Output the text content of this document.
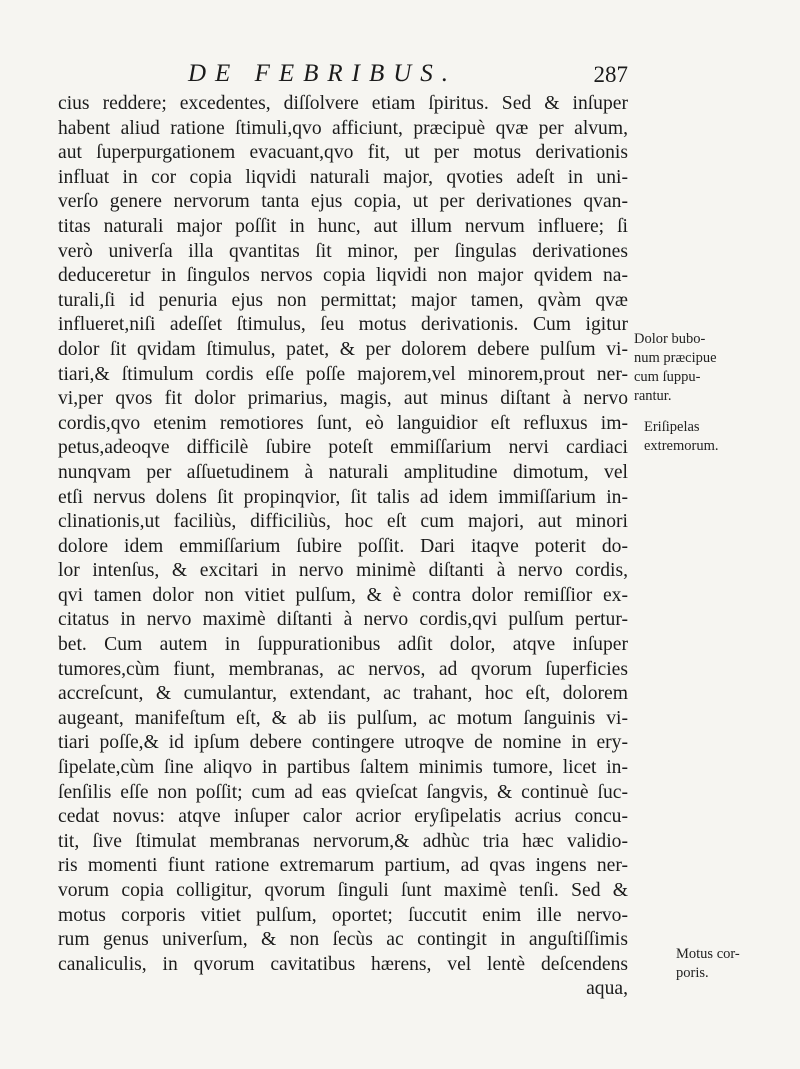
DE FEBRIBUS.	287
cius reddere; excedentes, diſſolvere etiam ſpiritus. Sed & inſuper
habent aliud ratione ſtimuli,qvo afficiunt, præcipuè qvæ per alvum,
aut ſuperpurgationem evacuant,qvo fit, ut per motus derivationis
influat in cor copia liqvidi naturali major, qvoties adeſt in uni-
verſo genere nervorum tanta ejus copia, ut per derivationes qvan-
titas naturali major poſſit in hunc, aut illum nervum influere; ſi
verò univerſa illa qvantitas ſit minor, per ſingulas derivationes
deduceretur in ſingulos nervos copia liqvidi non major qvidem na-
turali,ſi id penuria ejus non permittat; major tamen, qvàm qvæ
influeret,niſi adeſſet ſtimulus, ſeu motus derivationis. Cum igitur
dolor ſit qvidam ſtimulus, patet, & per dolorem debere pulſum vi-
tiari,& ſtimulum cordis eſſe poſſe majorem,vel minorem,prout ner-
vi,per qvos fit dolor primarius, magis, aut minus diſtant à nervo
cordis,qvo etenim remotiores ſunt, eò languidior eſt refluxus im-
petus,adeoqve difficilè ſubire poteſt emmiſſarium nervi cardiaci
nunqvam per aſſuetudinem à naturali amplitudine dimotum, vel
etſi nervus dolens ſit propinqvior, ſit talis ad idem immiſſarium in-
clinationis,ut faciliùs, difficiliùs, hoc eſt cum majori, aut minori
dolore idem emmiſſarium ſubire poſſit. Dari itaqve poterit do-
lor intenſus, & excitari in nervo minimè diſtanti à nervo cordis,
qvi tamen dolor non vitiet pulſum, & è contra dolor remiſſior ex-
citatus in nervo maximè diſtanti à nervo cordis,qvi pulſum pertur-
bet. Cum autem in ſuppurationibus adſit dolor, atqve inſuper
tumores,cùm fiunt, membranas, ac nervos, ad qvorum ſuperficies
accreſcunt, & cumulantur, extendant, ac trahant, hoc eſt, dolorem
augeant, manifeſtum eſt, & ab iis pulſum, ac motum ſanguinis vi-
tiari poſſe,& id ipſum debere contingere utroqve de nomine in ery-
ſipelate,cùm ſine aliqvo in partibus ſaltem minimis tumore, licet in-
ſenſilis eſſe non poſſit; cum ad eas qvieſcat ſangvis, & continuè ſuc-
cedat novus: atqve inſuper calor acrior eryſipelatis acrius concu-
tit, ſive ſtimulat membranas nervorum,& adhùc tria hæc validio-
ris momenti fiunt ratione extremarum partium, ad qvas ingens ner-
vorum copia colligitur, qvorum ſinguli ſunt maximè tenſi. Sed &
motus corporis vitiet pulſum, oportet; ſuccutit enim ille nervo-
rum genus univerſum, & non ſecùs ac contingit in anguſtiſſimis
canaliculis, in qvorum cavitatibus hærens, vel lentè deſcendens
aqua,
Dolor bubo-
num præcipue
cum ſuppu-
rantur.
Eriſipelas
extremorum.
Motus cor-
poris.
